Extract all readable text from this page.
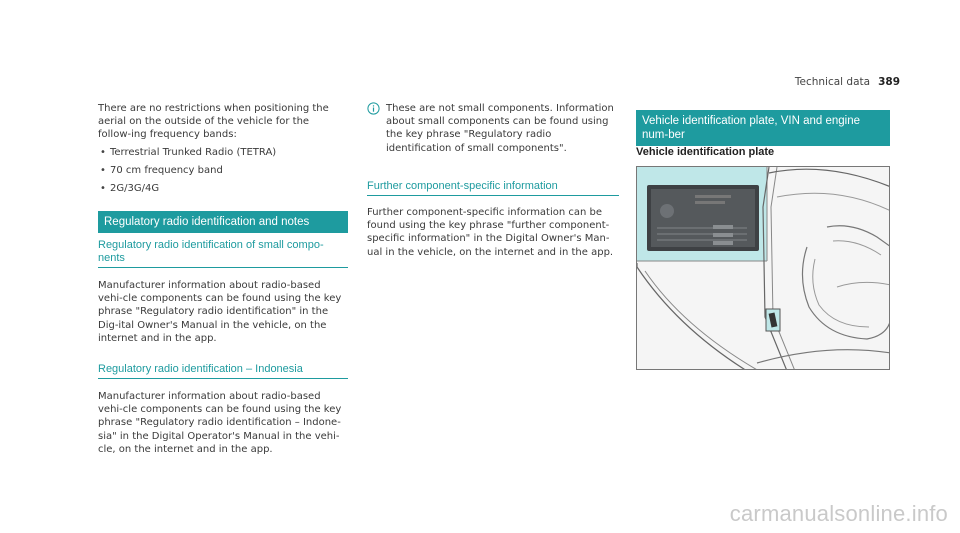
Technical data 389

There are no restrictions when positioning the aerial on the outside of the vehicle for the follow-ing frequency bands:

• Terrestrial Trunked Radio (TETRA)
• 70 cm frequency band
• 2G/3G/4G
Regulatory radio identification and notes
Regulatory radio identification of small compo-nents

Manufacturer information about radio-based vehi-cle components can be found using the key phrase "Regulatory radio identification" in the Dig-ital Owner's Manual in the vehicle, on the internet and in the app.

Regulatory radio identification – Indonesia

Manufacturer information about radio-based vehi-cle components can be found using the key phrase "Regulatory radio identification – Indone-sia" in the Digital Operator's Manual in the vehi-cle, on the internet and in the app.

These are not small components. Information about small components can be found using the key phrase "Regulatory radio identification of small components".

Further component-specific information

Further component-specific information can be found using the key phrase "further component-specific information" in the Digital Owner's Man-ual in the vehicle, on the internet and in the app.

Vehicle identification plate, VIN and engine num-ber
Vehicle identification plate
carmanualsonline.info
